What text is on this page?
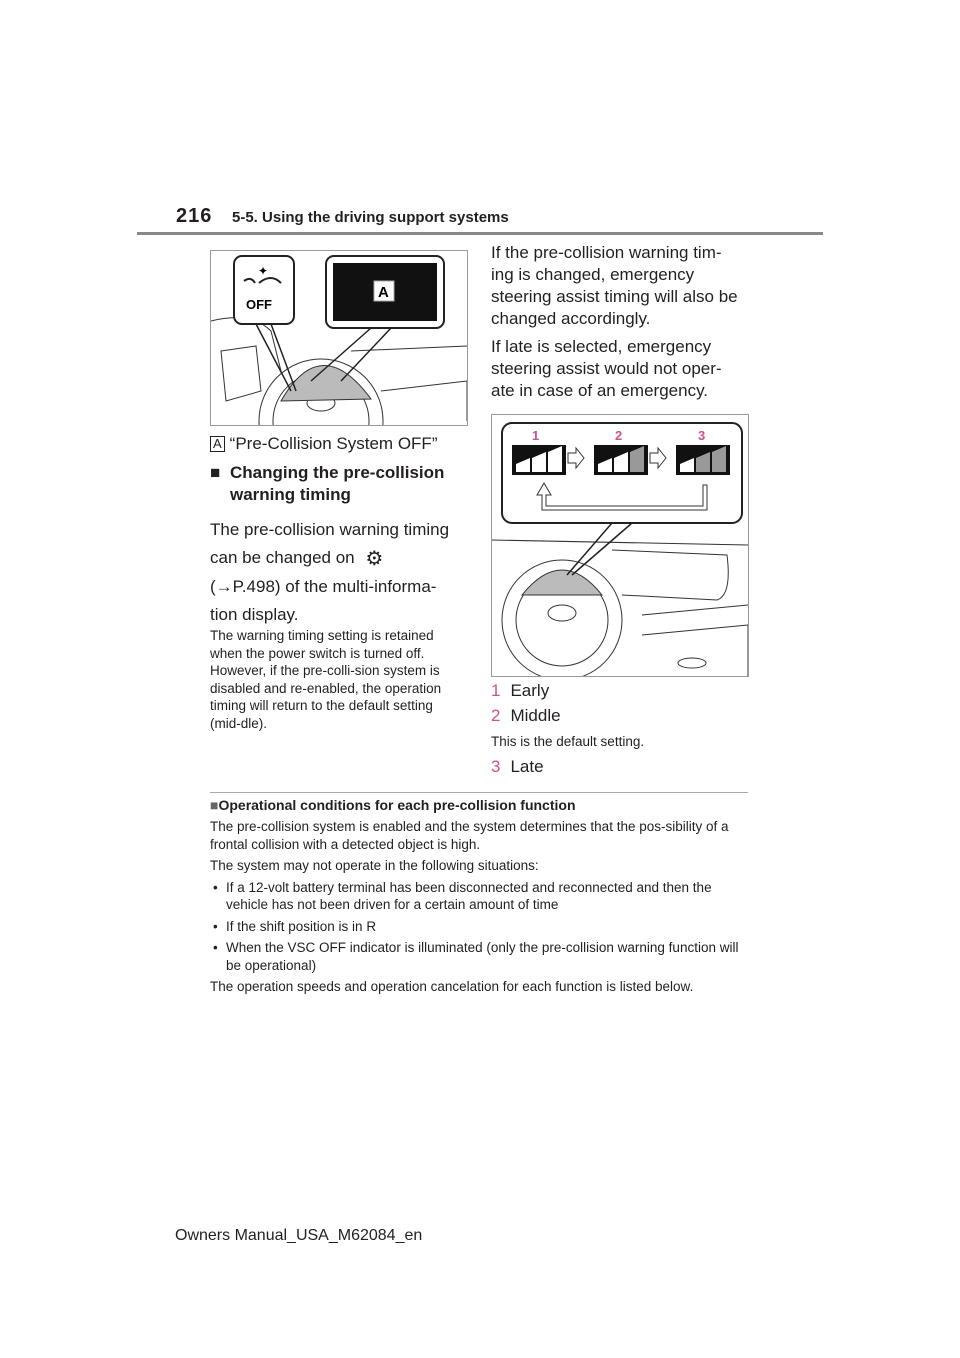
216 5-5. Using the driving support systems
A
OFF
✦
A “Pre-Collision System OFF”
■ Changing the pre-collision warning timing
The pre-collision warning timing
can be changed on ⚙
(→P.498) of the multi-informa-
tion display.
The warning timing setting is retained when the power switch is turned off. However, if the pre-colli-sion system is disabled and re-enabled, the operation timing will return to the default setting (mid-dle).
If the pre-collision warning tim-ing is changed, emergency steering assist timing will also be changed accordingly.
If late is selected, emergency steering assist would not oper-ate in case of an emergency.
1	2	3
1 Early
2 Middle
This is the default setting.
3 Late
■Operational conditions for each pre-collision function
The pre-collision system is enabled and the system determines that the pos-sibility of a frontal collision with a detected object is high.
The system may not operate in the following situations:
• If a 12-volt battery terminal has been disconnected and reconnected and then the vehicle has not been driven for a certain amount of time
• If the shift position is in R
• When the VSC OFF indicator is illuminated (only the pre-collision warning function will be operational)
The operation speeds and operation cancelation for each function is listed below.
Owners Manual_USA_M62084_en
